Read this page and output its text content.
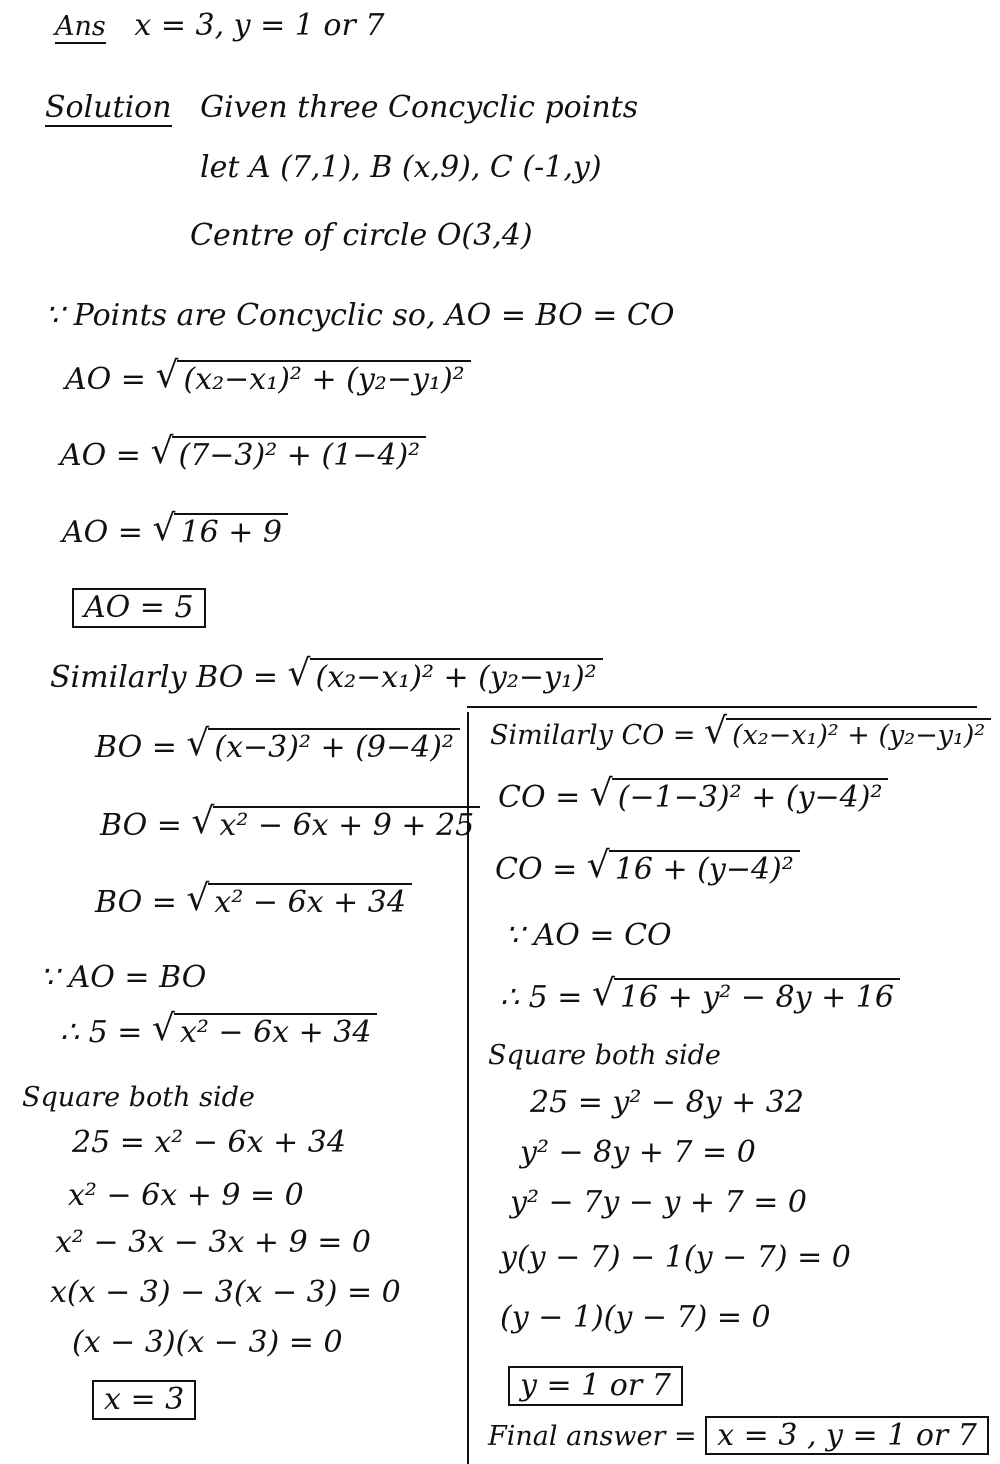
Ans x = 3, y = 1 or 7
Solution Given three Concyclic points
let A (7,1), B (x,9), C (-1,y)
Centre of circle O(3,4)
∵ Points are Concyclic so, AO = BO = CO
AO = √ (x₂−x₁)² + (y₂−y₁)²
AO = √ (7−3)² + (1−4)²
AO = √ 16 + 9
AO = 5
Similarly BO = √ (x₂−x₁)² + (y₂−y₁)²
BO = √ (x−3)² + (9−4)²
BO = √ x² − 6x + 9 + 25
BO = √ x² − 6x + 34
∵ AO = BO
∴ 5 = √ x² − 6x + 34
Square both side
25 = x² − 6x + 34
x² − 6x + 9 = 0
x² − 3x − 3x + 9 = 0
x(x − 3) − 3(x − 3) = 0
(x − 3)(x − 3) = 0
x = 3
Similarly CO = √ (x₂−x₁)² + (y₂−y₁)²
CO = √ (−1−3)² + (y−4)²
CO = √ 16 + (y−4)²
∵ AO = CO
∴ 5 = √ 16 + y² − 8y + 16
Square both side
25 = y² − 8y + 32
y² − 8y + 7 = 0
y² − 7y − y + 7 = 0
y(y − 7) − 1(y − 7) = 0
(y − 1)(y − 7) = 0
y = 1 or 7
Final answer = x = 3 , y = 1 or 7
